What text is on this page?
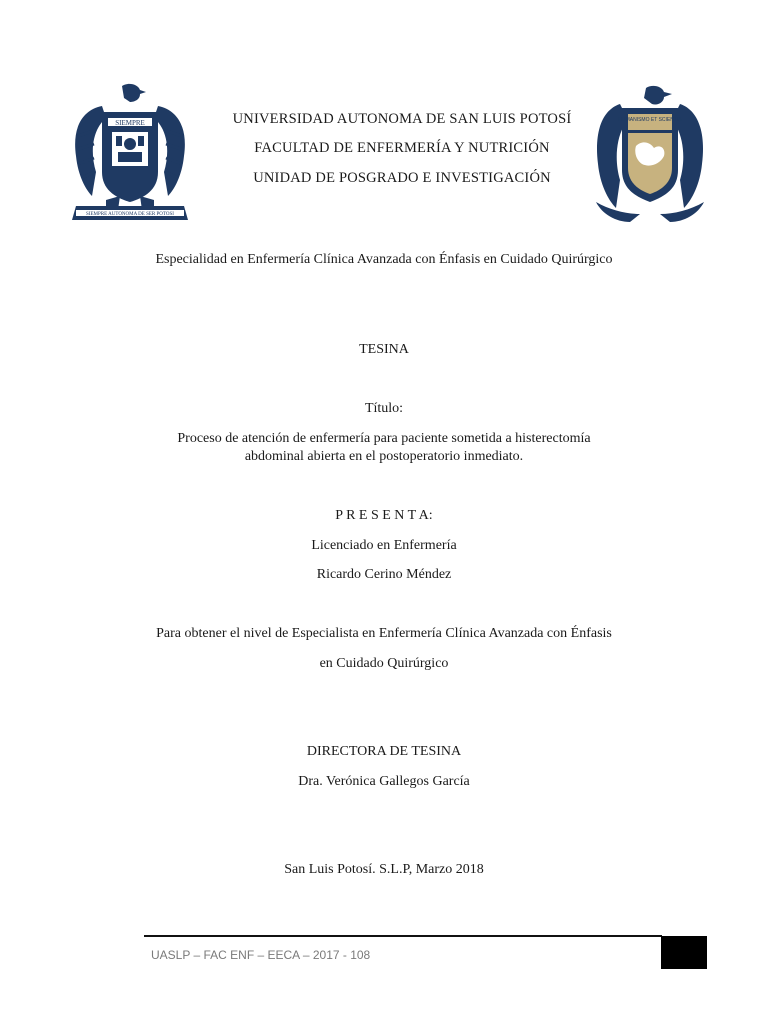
SIEMPRE
SIEMPRE AUTONOMA DE SER POTOSI
HUMANISMO ET SCIENTIA
UNIVERSIDAD AUTONOMA DE SAN LUIS POTOSÍ
FACULTAD DE ENFERMERÍA Y NUTRICIÓN
UNIDAD DE POSGRADO E INVESTIGACIÓN
Especialidad en Enfermería Clínica Avanzada con Énfasis en Cuidado Quirúrgico
TESINA
Título:
Proceso de atención de enfermería para paciente sometida a histerectomía
abdominal abierta en el postoperatorio inmediato.
P R E S E N T A:
Licenciado en Enfermería
Ricardo Cerino Méndez
Para obtener el nivel de Especialista en Enfermería Clínica Avanzada con Énfasis
en Cuidado Quirúrgico
DIRECTORA DE TESINA
Dra. Verónica Gallegos García
San Luis Potosí. S.L.P, Marzo 2018
UASLP – FAC ENF – EECA – 2017 - 108
